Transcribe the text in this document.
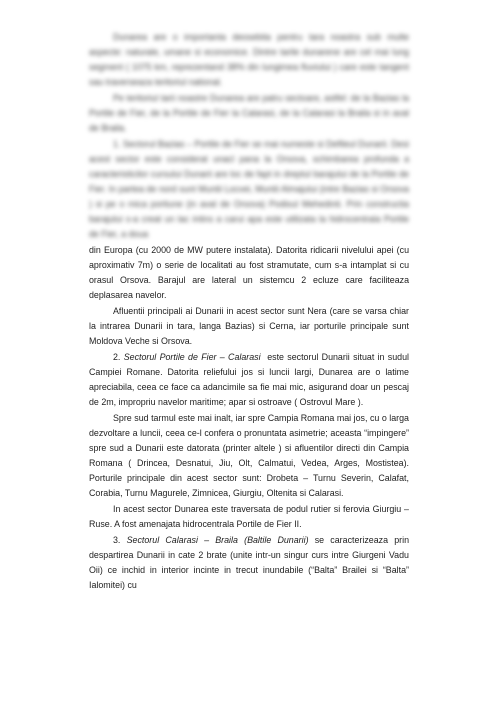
Dunarea are o importanta deosebita pentru tara noastra sub multe aspecte: naturale, umane si economice. Dintre tarile dunarene are cel mai lung segment ( 1075 km, reprezentand 38% din lungimea fluviului ) care este tangent sau traverseaza teritoriul national.

Pe teritoriul tarii noastre Dunarea are patru sectoare, astfel: de la Bazias la Portile de Fier, de la Portile de Fier la Calarasi, de la Calarasi la Braila si in aval de Braila.

1. Sectorul Bazias – Portile de Fier se mai numeste si Defileul Dunarii. Desi acest sector este considerat unacl pana la Orsova, schimbarea profunda a caracteristicilor cursului Dunarii are loc de fapt in dreptul barajului de la Portile de Fier. In partea de nord sunt Muntii Locvei, Muntii Almajului (intre Bazias si Orsova ) si pe o mica portiune (in aval de Orsova) Podisul Mehedinti. Prin constructia barajului s-a creat un lac intins a carui apa este utilizata la hidrocentrala Portile de Fier, a doua

din Europa (cu 2000 de MW putere instalata). Datorita ridicarii nivelului apei (cu aproximativ 7m) o serie de localitati au fost stramutate, cum s-a intamplat si cu orasul Orsova. Barajul are lateral un sistemcu 2 ecluze care faciliteaza deplasarea navelor.

Afluentii principali ai Dunarii in acest sector sunt Nera (care se varsa chiar la intrarea Dunarii in tara, langa Bazias) si Cerna, iar porturile principale sunt Moldova Veche si Orsova.

2. Sectorul Portile de Fier – Calarasi este sectorul Dunarii situat in sudul Campiei Romane. Datorita reliefului jos si luncii largi, Dunarea are o latime apreciabila, ceea ce face ca adancimile sa fie mai mic, asigurand doar un pescaj de 2m, impropriu navelor maritime; apar si ostroave ( Ostrovul Mare ).

Spre sud tarmul este mai inalt, iar spre Campia Romana mai jos, cu o larga dezvoltare a luncii, ceea ce-l confera o pronuntata asimetrie; aceasta “impingere” spre sud a Dunarii este datorata (printer altele ) si afluentilor directi din Campia Romana ( Drincea, Desnatui, Jiu, Olt, Calmatui, Vedea, Arges, Mostistea). Porturile principale din acest sector sunt: Drobeta – Turnu Severin, Calafat, Corabia, Turnu Magurele, Zimnicea, Giurgiu, Oltenita si Calarasi.

In acest sector Dunarea este traversata de podul rutier si ferovia Giurgiu – Ruse. A fost amenajata hidrocentrala Portile de Fier II.

3. Sectorul Calarasi – Braila (Baltile Dunarii) se caracterizeaza prin despartirea Dunarii in cate 2 brate (unite intr-un singur curs intre Giurgeni Vadu Oii) ce inchid in interior incinte in trecut inundabile (“Balta” Brailei si “Balta” Ialomitei) cu
